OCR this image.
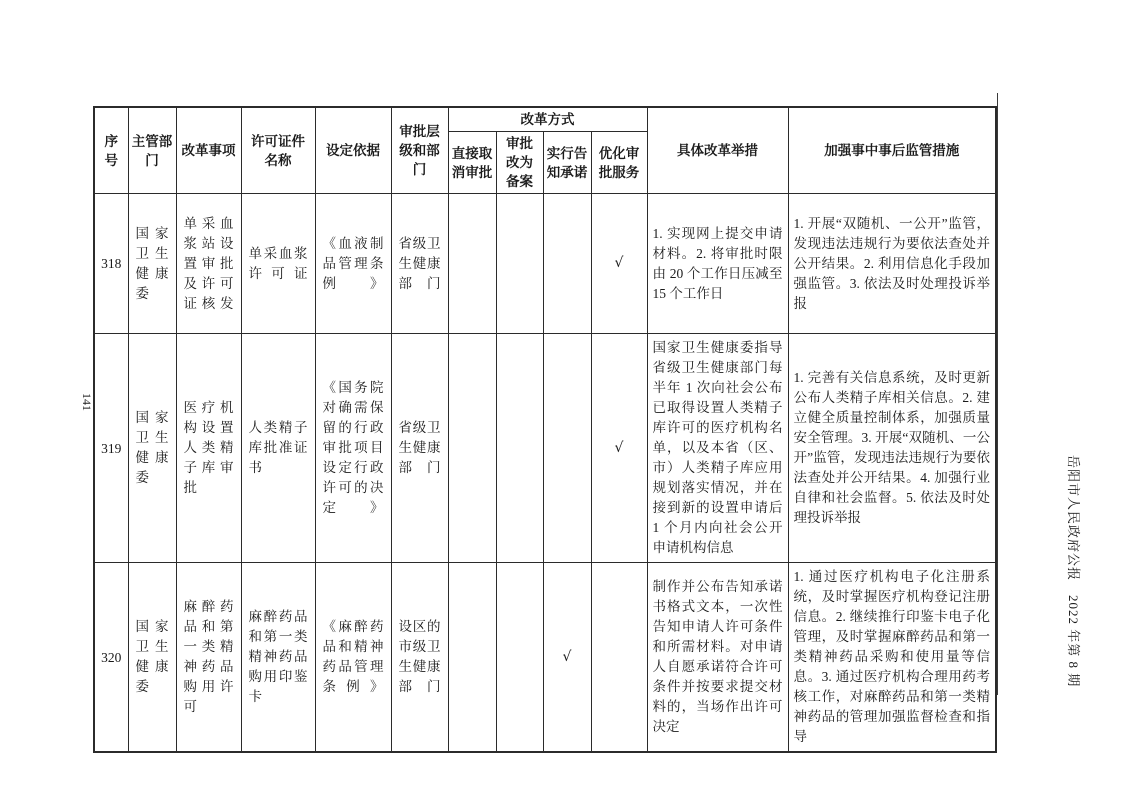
141
序号	主管部门	改革事项	许可证件名称	设定依据	审批层级和部门	改革方式				具体改革举措	加强事中事后监管措施
						直接取消审批	审批改为备案	实行告知承诺	优化审批服务		
318	国家卫生健康委	单采血浆站设置审批及许可证核发	单采血浆许可证	《血液制品管理条例》	省级卫生健康部门				√	1. 实现网上提交申请材料。2. 将审批时限由 20 个工作日压减至 15 个工作日	1. 开展“双随机、一公开”监管，发现违法违规行为要依法查处并公开结果。2. 利用信息化手段加强监管。3. 依法及时处理投诉举报
319	国家卫生健康委	医疗机构设置人类精子库审批	人类精子库批准证书	《国务院对确需保留的行政审批项目设定行政许可的决定》	省级卫生健康部门				√	国家卫生健康委指导省级卫生健康部门每半年 1 次向社会公布已取得设置人类精子库许可的医疗机构名单，以及本省（区、市）人类精子库应用规划落实情况，并在接到新的设置申请后 1 个月内向社会公开申请机构信息	1. 完善有关信息系统，及时更新公布人类精子库相关信息。2. 建立健全质量控制体系，加强质量安全管理。3. 开展“双随机、一公开”监管，发现违法违规行为要依法查处并公开结果。4. 加强行业自律和社会监督。5. 依法及时处理投诉举报
320	国家卫生健康委	麻醉药品和第一类精神药品购用许可	麻醉药品和第一类精神药品购用印鉴卡	《麻醉药品和精神药品管理条例》	设区的市级卫生健康部门			√		制作并公布告知承诺书格式文本，一次性告知申请人许可条件和所需材料。对申请人自愿承诺符合许可条件并按要求提交材料的，当场作出许可决定	1. 通过医疗机构电子化注册系统，及时掌握医疗机构登记注册信息。2. 继续推行印鉴卡电子化管理，及时掌握麻醉药品和第一类精神药品采购和使用量等信息。3. 通过医疗机构合理用药考核工作，对麻醉药品和第一类精神药品的管理加强监督检查和指导
岳阳市人民政府公报　2022 年第 8 期
